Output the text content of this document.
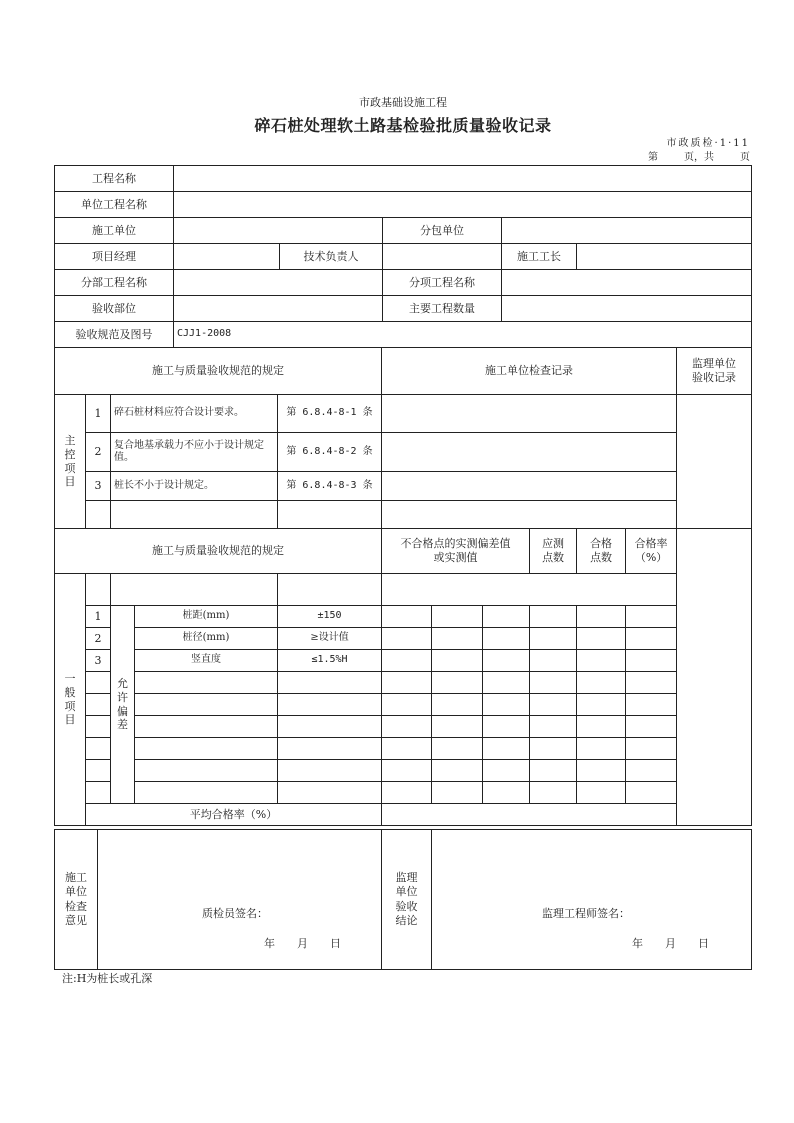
市政基础设施工程
碎石桩处理软土路基检验批质量验收记录
市政质检·1·11
第	页，共	页
工程名称					
单位工程名称					
施工单位			分包单位		
项目经理		技术负责人		施工工长	
分部工程名称			分项工程名称		
验收部位			主要工程数量		
验收规范及图号	CJJ1-2008				
施工与质量验收规范的规定				施工单位检查记录	监理单位验收记录

主控项目	1	碎石桩材料应符合设计要求。	第 6.8.4-8-1 条		
	2	复合地基承载力不应小于设计规定值。	第 6.8.4-8-2 条		
	3	桩长不小于设计规定。	第 6.8.4-8-3 条		

施工与质量验收规范的规定					不合格点的实测偏差值或实测值			应测点数	合格点数	合格率（%）	

一般项目											

	1	允许偏差	桩距(mm)	±150							
	2		桩径(mm)	≥设计值							
	3		竖直度	≤1.5%H							

	平均合格率（%）										
施工单位检查意见

质检员签名：
年　　月　　日

监理单位验收结论

监理工程师签名：
年　　月　　日
注:H为桩长或孔深
